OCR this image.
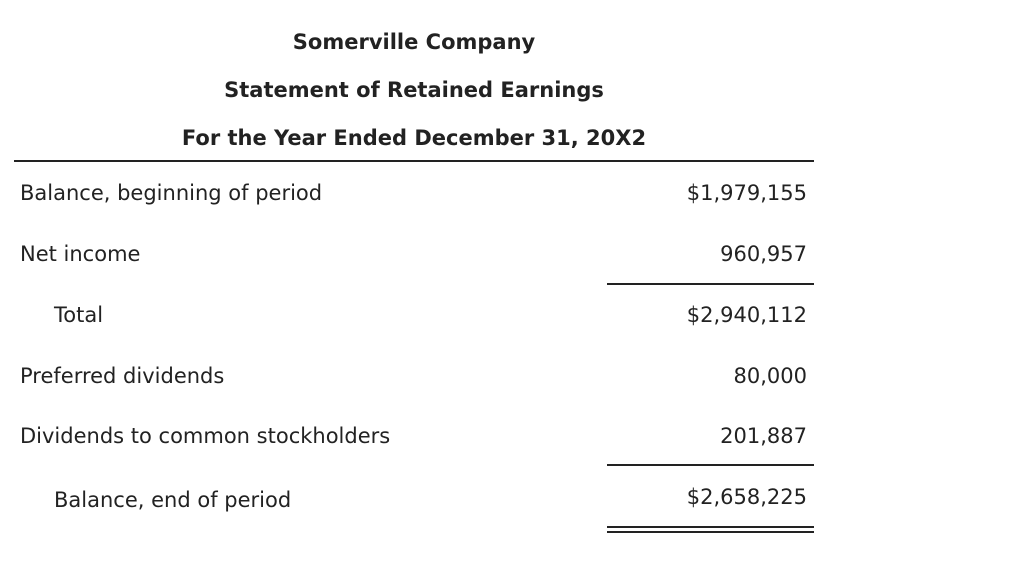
Somerville Company
Statement of Retained Earnings
For the Year Ended December 31, 20X2
Balance, beginning of period	$1,979,155
Net income	960,957
Total	$2,940,112
Preferred dividends	80,000
Dividends to common stockholders	201,887
Balance, end of period	$2,658,225
